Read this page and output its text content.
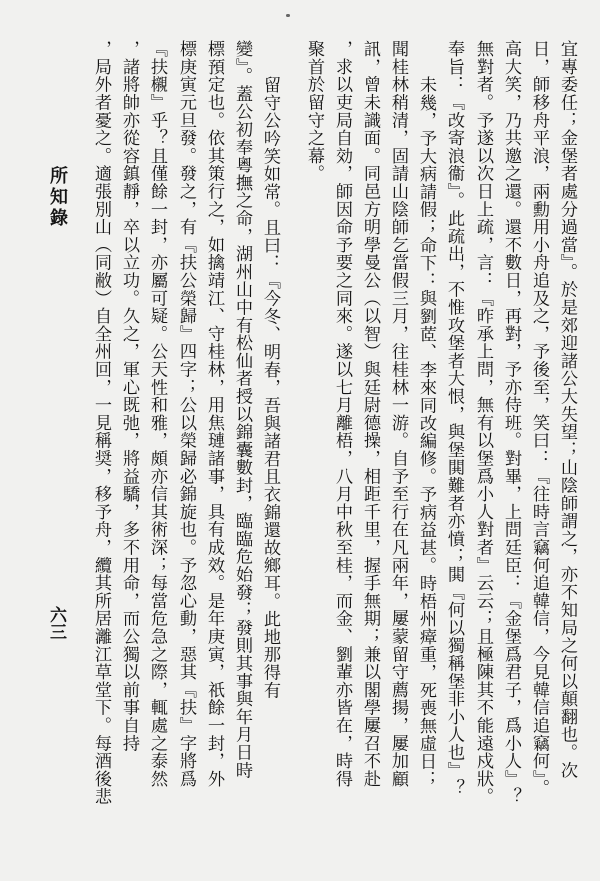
宜專委任；金堡者處分過當』。於是郊迎諸公大失望；山陰師謂之，亦不知局之何以顛翻也。次
日，師移舟平浪，兩勳用小舟追及之，予後至，笑曰：『往時言竊何追韓信，今見韓信追竊何』。
高大笑，乃共邀之還。還不數日，再對，予亦侍班。對畢，上問廷臣：『金堡爲君子，爲小人』？
無對者。予遂以次日上疏，言：『昨承上問，無有以堡爲小人對者』云云；且極陳其不能遠戍狀。
奉旨：『改寄浪衞』。此疏出，不惟攻堡者大恨，與堡閧難者亦憤；閧『何以獨稱堡非小人也』？
未幾，予大病請假；命下：與劉茝、李來同改編修。予病益甚。時梧州瘴重，死喪無虛日；
聞桂林稍清，固請山陰師乞當假三月，往桂林一游。自予至行在凡兩年，屢蒙留守薦揚，屢加顧
訊，曾未識面。同邑方明學曼公（以智）與廷尉德操，相距千里，握手無期；兼以閣學屢召不赴
，求以吏局自効，師因命予要之同來。遂以七月離梧，八月中秋至桂，而金、劉輩亦皆在，時得
聚首於留守之幕。
留守公吟笑如常。且曰：『今冬、明春，吾與諸君且衣錦還故鄉耳。此地那得有
變』。蓋公初奉粵撫之命，湖州山中有松仙者授以錦囊數封，臨臨危始發；發則其事與年月日時
標預定也。依其策行之，如擒靖江、守桂林，用焦璉諸事，具有成效。是年庚寅，祇餘一封，外
標庚寅元旦發。發之，有『扶公榮歸』四字；公以榮歸必錦旋也。予忽心動，惡其『扶』字將爲
『扶櫬』乎？且僅餘一封，亦屬可疑。公天性和雅，頗亦信其術深；每當危急之際，輒處之泰然
，諸將帥亦從容鎮靜，卒以立功。久之，軍心既弛，將益驕，多不用命，而公獨以前事自持
，局外者憂之。適張別山（同敝）自全州回，一見稱奨，移予舟，纜其所居灕江草堂下。每酒後悲
所知錄
六三
